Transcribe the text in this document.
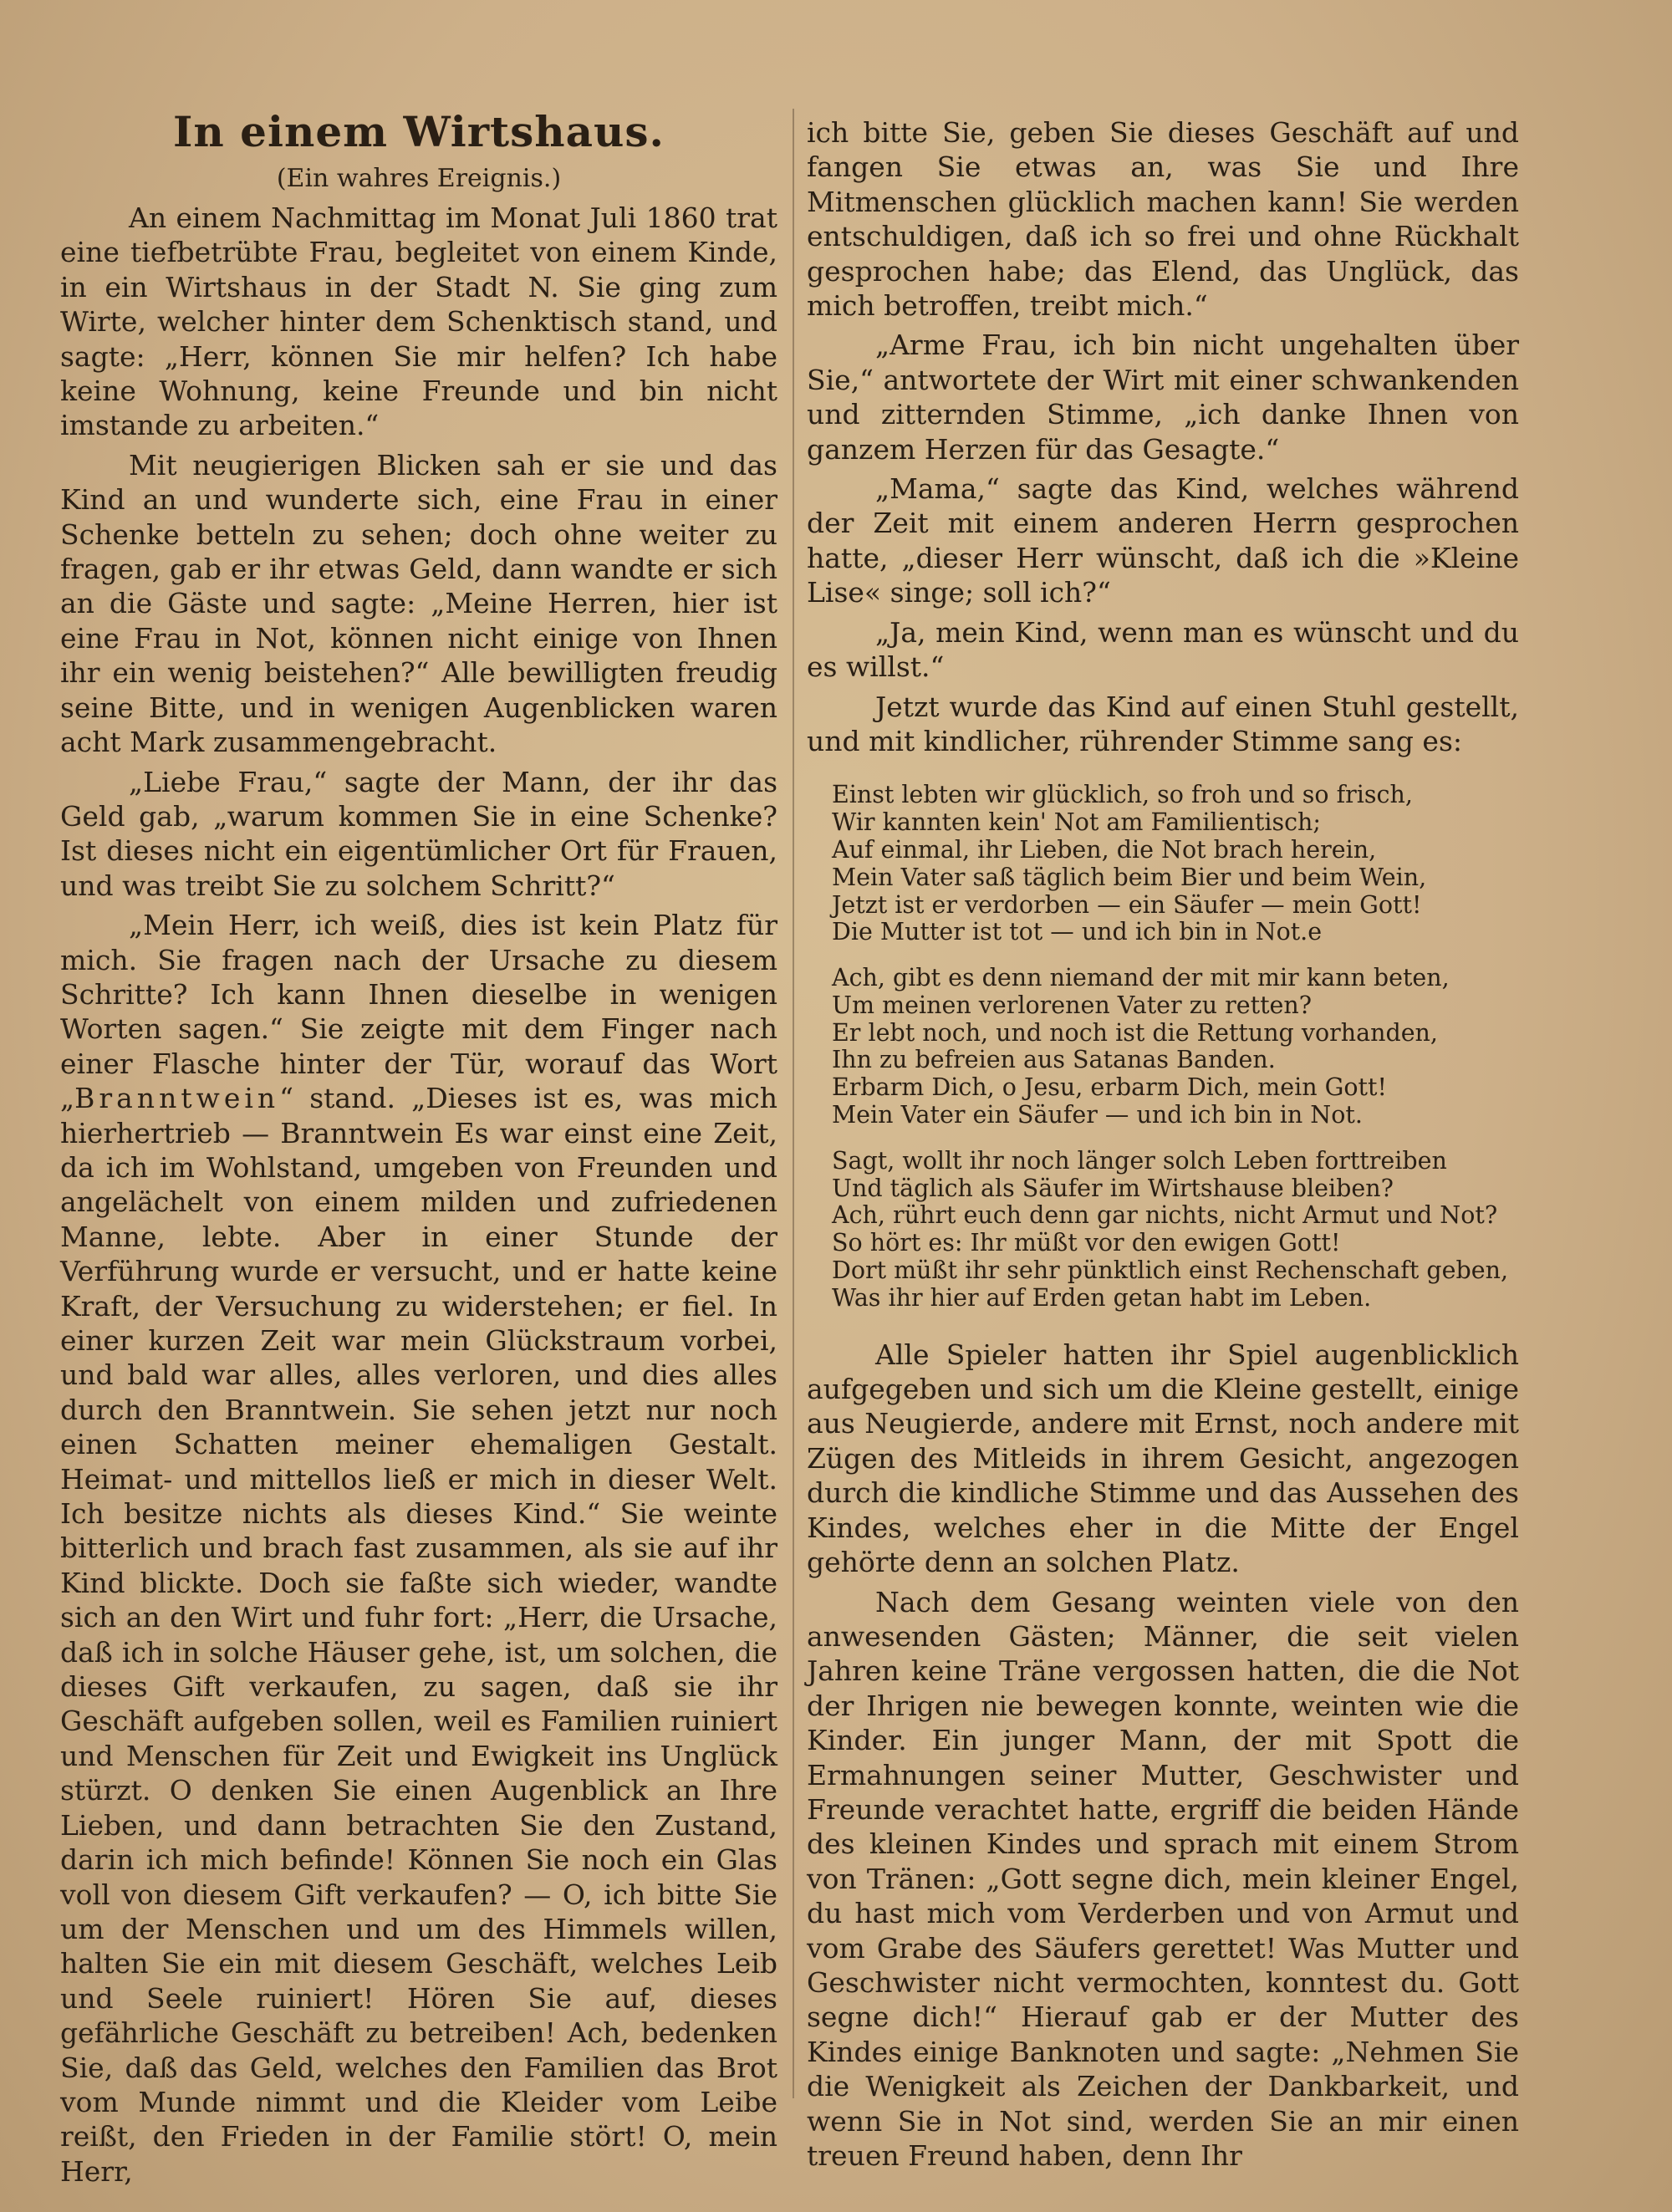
In einem Wirtshaus.
(Ein wahres Ereignis.)

An einem Nachmittag im Monat Juli 1860 trat eine tiefbetrübte Frau, begleitet von einem Kinde, in ein Wirtshaus in der Stadt N. Sie ging zum Wirte, welcher hinter dem Schenktisch stand, und sagte: „Herr, können Sie mir helfen? Ich habe keine Wohnung, keine Freunde und bin nicht imstande zu arbeiten.“

Mit neugierigen Blicken sah er sie und das Kind an und wunderte sich, eine Frau in einer Schenke betteln zu sehen; doch ohne weiter zu fragen, gab er ihr etwas Geld, dann wandte er sich an die Gäste und sagte: „Meine Herren, hier ist eine Frau in Not, können nicht einige von Ihnen ihr ein wenig beistehen?“ Alle bewilligten freudig seine Bitte, und in wenigen Augenblicken waren acht Mark zusammengebracht.

„Liebe Frau,“ sagte der Mann, der ihr das Geld gab, „warum kommen Sie in eine Schenke? Ist dieses nicht ein eigentümlicher Ort für Frauen, und was treibt Sie zu solchem Schritt?“

„Mein Herr, ich weiß, dies ist kein Platz für mich. Sie fragen nach der Ursache zu diesem Schritte? Ich kann Ihnen dieselbe in wenigen Worten sagen.“ Sie zeigte mit dem Finger nach einer Flasche hinter der Tür, worauf das Wort „Branntwein“ stand. „Dieses ist es, was mich hierhertrieb — Branntwein Es war einst eine Zeit, da ich im Wohlstand, umgeben von Freunden und angelächelt von einem milden und zufriedenen Manne, lebte. Aber in einer Stunde der Verführung wurde er versucht, und er hatte keine Kraft, der Versuchung zu widerstehen; er fiel. In einer kurzen Zeit war mein Glückstraum vorbei, und bald war alles, alles verloren, und dies alles durch den Branntwein. Sie sehen jetzt nur noch einen Schatten meiner ehemaligen Gestalt. Heimat- und mittellos ließ er mich in dieser Welt. Ich besitze nichts als dieses Kind.“ Sie weinte bitterlich und brach fast zusammen, als sie auf ihr Kind blickte. Doch sie faßte sich wieder, wandte sich an den Wirt und fuhr fort: „Herr, die Ursache, daß ich in solche Häuser gehe, ist, um solchen, die dieses Gift verkaufen, zu sagen, daß sie ihr Geschäft aufgeben sollen, weil es Familien ruiniert und Menschen für Zeit und Ewigkeit ins Unglück stürzt. O denken Sie einen Augenblick an Ihre Lieben, und dann betrachten Sie den Zustand, darin ich mich befinde! Können Sie noch ein Glas voll von diesem Gift verkaufen? — O, ich bitte Sie um der Menschen und um des Himmels willen, halten Sie ein mit diesem Geschäft, welches Leib und Seele ruiniert! Hören Sie auf, dieses gefährliche Geschäft zu betreiben! Ach, bedenken Sie, daß das Geld, welches den Familien das Brot vom Munde nimmt und die Kleider vom Leibe reißt, den Frieden in der Familie stört! O, mein Herr,

ich bitte Sie, geben Sie dieses Geschäft auf und fangen Sie etwas an, was Sie und Ihre Mitmenschen glücklich machen kann! Sie werden entschuldigen, daß ich so frei und ohne Rückhalt gesprochen habe; das Elend, das Unglück, das mich betroffen, treibt mich.“

„Arme Frau, ich bin nicht ungehalten über Sie,“ antwortete der Wirt mit einer schwankenden und zitternden Stimme, „ich danke Ihnen von ganzem Herzen für das Gesagte.“

„Mama,“ sagte das Kind, welches während der Zeit mit einem anderen Herrn gesprochen hatte, „dieser Herr wünscht, daß ich die »Kleine Lise« singe; soll ich?“

„Ja, mein Kind, wenn man es wünscht und du es willst.“

Jetzt wurde das Kind auf einen Stuhl gestellt, und mit kindlicher, rührender Stimme sang es:

Einst lebten wir glücklich, so froh und so frisch,
Wir kannten kein' Not am Familientisch;
Auf einmal, ihr Lieben, die Not brach herein,
Mein Vater saß täglich beim Bier und beim Wein,
Jetzt ist er verdorben — ein Säufer — mein Gott!
Die Mutter ist tot — und ich bin in Not.e
Ach, gibt es denn niemand der mit mir kann beten,
Um meinen verlorenen Vater zu retten?
Er lebt noch, und noch ist die Rettung vorhanden,
Ihn zu befreien aus Satanas Banden.
Erbarm Dich, o Jesu, erbarm Dich, mein Gott!
Mein Vater ein Säufer — und ich bin in Not.
Sagt, wollt ihr noch länger solch Leben forttreiben
Und täglich als Säufer im Wirtshause bleiben?
Ach, rührt euch denn gar nichts, nicht Armut und Not?
So hört es: Ihr müßt vor den ewigen Gott!
Dort müßt ihr sehr pünktlich einst Rechenschaft geben,
Was ihr hier auf Erden getan habt im Leben.

Alle Spieler hatten ihr Spiel augenblicklich aufgegeben und sich um die Kleine gestellt, einige aus Neugierde, andere mit Ernst, noch andere mit Zügen des Mitleids in ihrem Gesicht, angezogen durch die kindliche Stimme und das Aussehen des Kindes, welches eher in die Mitte der Engel gehörte denn an solchen Platz.

Nach dem Gesang weinten viele von den anwesenden Gästen; Männer, die seit vielen Jahren keine Träne vergossen hatten, die die Not der Ihrigen nie bewegen konnte, weinten wie die Kinder. Ein junger Mann, der mit Spott die Ermahnungen seiner Mutter, Geschwister und Freunde verachtet hatte, ergriff die beiden Hände des kleinen Kindes und sprach mit einem Strom von Tränen: „Gott segne dich, mein kleiner Engel, du hast mich vom Verderben und von Armut und vom Grabe des Säufers gerettet! Was Mutter und Geschwister nicht vermochten, konntest du. Gott segne dich!“ Hierauf gab er der Mutter des Kindes einige Banknoten und sagte: „Nehmen Sie die Wenigkeit als Zeichen der Dankbarkeit, und wenn Sie in Not sind, werden Sie an mir einen treuen Freund haben, denn Ihr
